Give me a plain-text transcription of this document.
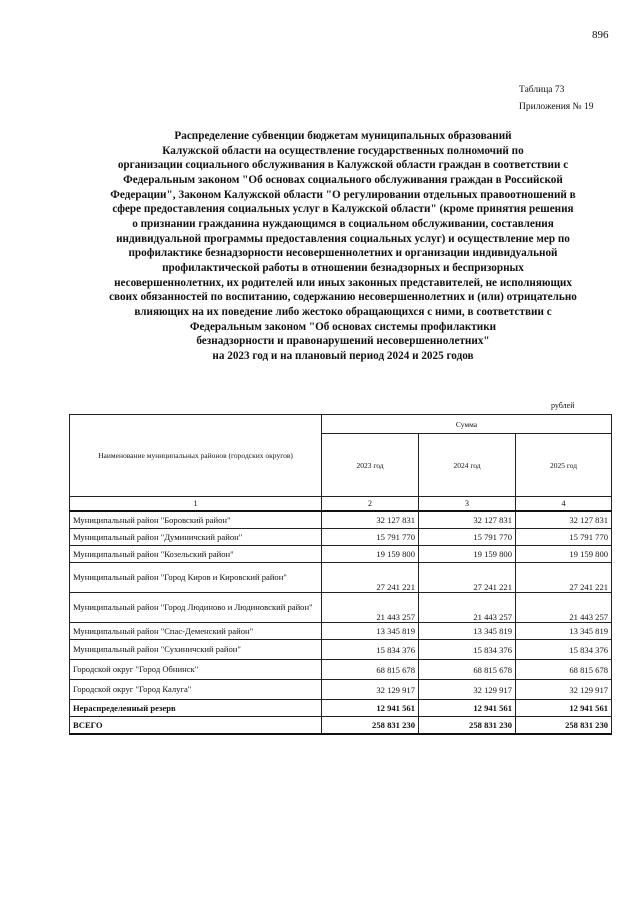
896
Таблица 73
Приложения № 19
Распределение субвенции бюджетам муниципальных образований
Калужской области на осуществление государственных полномочий по
организации социального обслуживания в Калужской области граждан в соответствии с
Федеральным законом "Об основах социального обслуживания граждан в Российской
Федерации", Законом Калужской области "О регулировании отдельных правоотношений в
сфере предоставления социальных услуг в Калужской области" (кроме принятия решения
о признании гражданина нуждающимся в социальном обслуживании, составления
индивидуальной программы предоставления социальных услуг) и осуществление мер по
профилактике безнадзорности несовершеннолетних и организации индивидуальной
профилактической работы в отношении безнадзорных и беспризорных
несовершеннолетних, их родителей или иных законных представителей, не исполняющих
своих обязанностей по воспитанию, содержанию несовершеннолетних и (или) отрицательно
влияющих на их поведение либо жестоко обращающихся с ними, в соответствии с
Федеральным законом "Об основах системы профилактики
безнадзорности и правонарушений несовершеннолетних"
на 2023 год и на плановый период 2024 и 2025 годов
рублей
Наименование муниципальных районов (городских округов)	Сумма		
	2023 год	2024 год	2025 год
1	2	3	4
Муниципальный район "Боровский район"	32 127 831	32 127 831	32 127 831
Муниципальный район "Думиничский район"	15 791 770	15 791 770	15 791 770
Муниципальный район "Козельский район"	19 159 800	19 159 800	19 159 800
Муниципальный район "Город Киров и Кировский район"	27 241 221	27 241 221	27 241 221
Муниципальный район "Город Людиново и Людиновский район"	21 443 257	21 443 257	21 443 257
Муниципальный район "Спас-Деменский район"	13 345 819	13 345 819	13 345 819
Муниципальный район "Сухиничский район"	15 834 376	15 834 376	15 834 376
Городской округ "Город Обнинск"	68 815 678	68 815 678	68 815 678
Городской округ "Город Калуга"	32 129 917	32 129 917	32 129 917
Нераспределенный резерв	12 941 561	12 941 561	12 941 561
ВСЕГО	258 831 230	258 831 230	258 831 230
